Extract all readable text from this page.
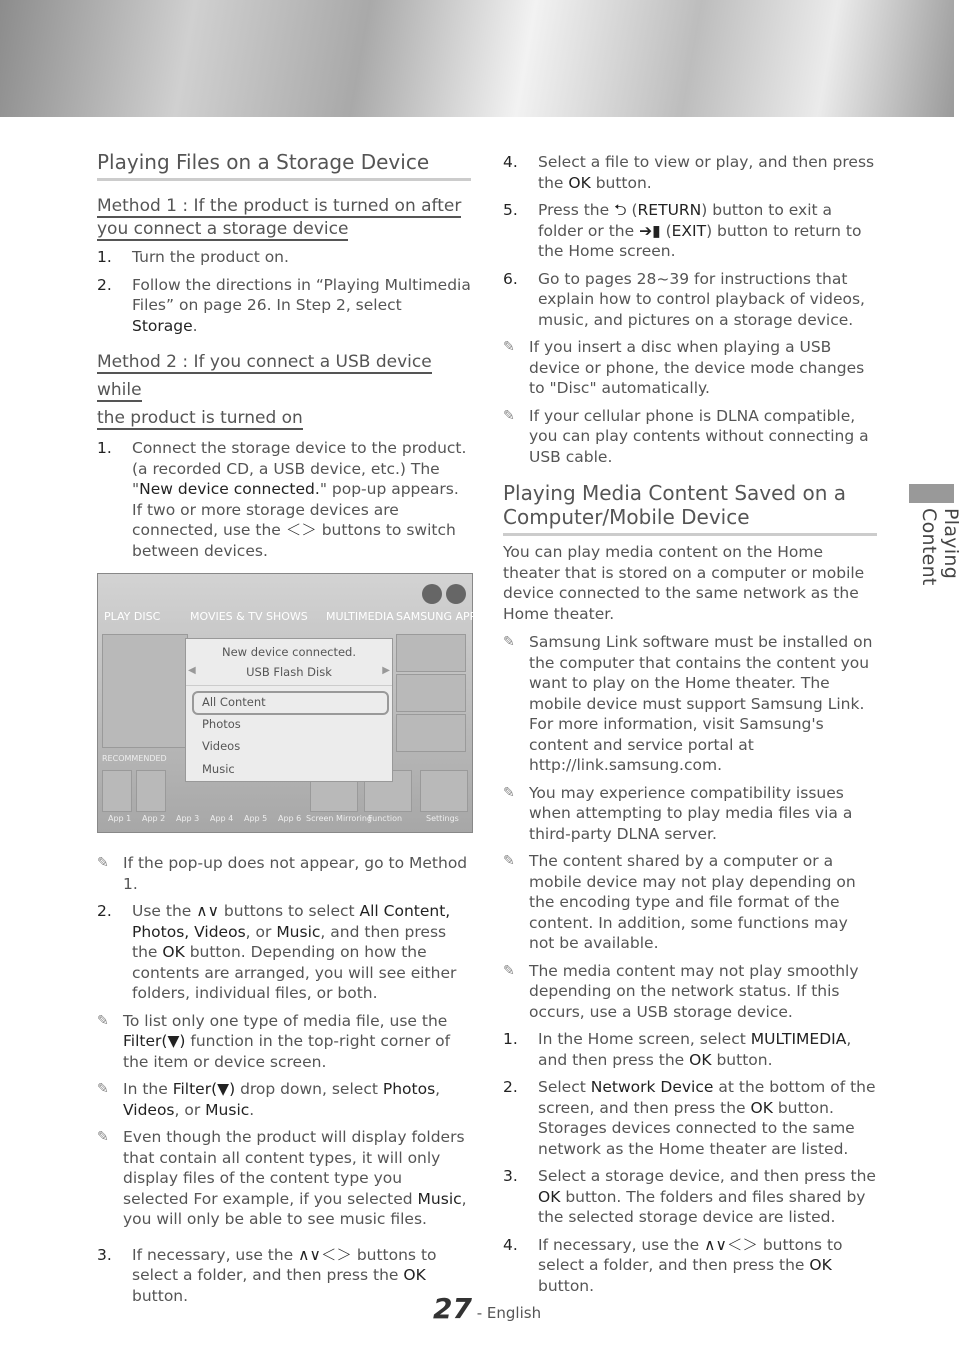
Playing Content
Playing Files on a Storage Device
Method 1 : If the product is turned on after
you connect a storage device
1. Turn the product on.
2. Follow the directions in “Playing Multimedia Files” on page 26. In Step 2, select
Storage.
Method 2 : If you connect a USB device while
the product is turned on
1. Connect the storage device to the product. (a recorded CD, a USB device, etc.) The "New device connected." pop-up appears. If two or more storage devices are connected, use the ＜＞ buttons to switch between devices.
PLAY DISC	MOVIES & TV SHOWS MULTIMEDIA SAMSUNG APPS
RECOMMENDED
App 1 App 2 App 3 App 4 App 5 App 6 Screen Mirroring
Function	Settings
New device connected.
◀	USB Flash Disk	▶
All Content
Photos
Videos
Music
✎ If the pop-up does not appear, go to Method 1.
2. Use the ∧∨ buttons to select All Content, Photos, Videos, or Music, and then press the OK button. Depending on how the contents are arranged, you will see either folders, individual files, or both.
✎ To list only one type of media file, use the Filter(▼) function in the top-right corner of the item or device screen.
✎ In the Filter(▼) drop down, select Photos, Videos, or Music.
✎ Even though the product will display folders that contain all content types, it will only display files of the content type you selected For example, if you selected Music, you will only be able to see music files.
3. If necessary, use the ∧∨＜＞ buttons to select a folder, and then press the OK button.
4. Select a file to view or play, and then press the OK button.
5. Press the ⮌ (RETURN) button to exit a folder or the ➔▮ (EXIT) button to return to the Home screen.
6. Go to pages 28~39 for instructions that explain how to control playback of videos, music, and pictures on a storage device.
✎ If you insert a disc when playing a USB device or phone, the device mode changes to "Disc" automatically.
✎ If your cellular phone is DLNA compatible, you can play contents without connecting a USB cable.
Playing Media Content Saved on a Computer/Mobile Device
You can play media content on the Home theater that is stored on a computer or mobile device connected to the same network as the Home theater.
✎ Samsung Link software must be installed on the computer that contains the content you want to play on the Home theater. The mobile device must support Samsung Link. For more information, visit Samsung's content and service portal at http://link.samsung.com.
✎ You may experience compatibility issues when attempting to play media files via a third-party DLNA server.
✎ The content shared by a computer or a mobile device may not play depending on the encoding type and file format of the content. In addition, some functions may not be available.
✎ The media content may not play smoothly depending on the network status. If this occurs, use a USB storage device.
1. In the Home screen, select MULTIMEDIA, and then press the OK button.
2. Select Network Device at the bottom of the screen, and then press the OK button. Storages devices connected to the same network as the Home theater are listed.
3. Select a storage device, and then press the OK button. The folders and files shared by the selected storage device are listed.
4. If necessary, use the ∧∨＜＞ buttons to select a folder, and then press the OK button.
27 - English
